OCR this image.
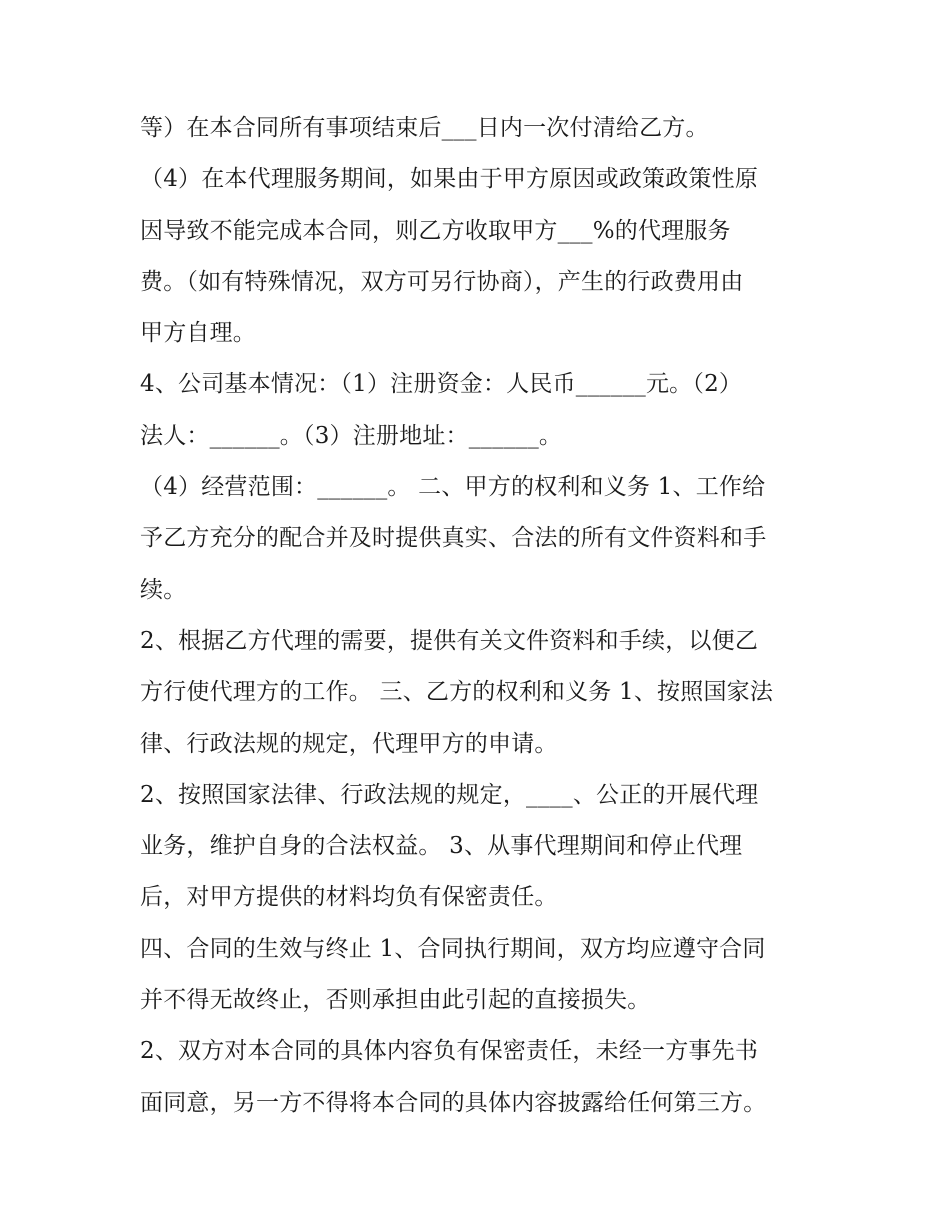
等）在本合同所有事项结束后___日内一次付清给乙方。
（4）在本代理服务期间，如果由于甲方原因或政策政策性原
因导致不能完成本合同，则乙方收取甲方___%的代理服务
费。（如有特殊情况，双方可另行协商），产生的行政费用由
甲方自理。
4、公司基本情况：（1）注册资金：人民币______元。（2）
法人：______。（3）注册地址：______。
（4）经营范围：______。 二、甲方的权利和义务 1、工作给
予乙方充分的配合并及时提供真实、合法的所有文件资料和手
续。
2、根据乙方代理的需要，提供有关文件资料和手续，以便乙
方行使代理方的工作。 三、乙方的权利和义务 1、按照国家法
律、行政法规的规定，代理甲方的申请。
2、按照国家法律、行政法规的规定，____、公正的开展代理
业务，维护自身的合法权益。 3、从事代理期间和停止代理
后，对甲方提供的材料均负有保密责任。
四、合同的生效与终止 1、合同执行期间，双方均应遵守合同
并不得无故终止，否则承担由此引起的直接损失。
2、双方对本合同的具体内容负有保密责任，未经一方事先书
面同意，另一方不得将本合同的具体内容披露给任何第三方。
